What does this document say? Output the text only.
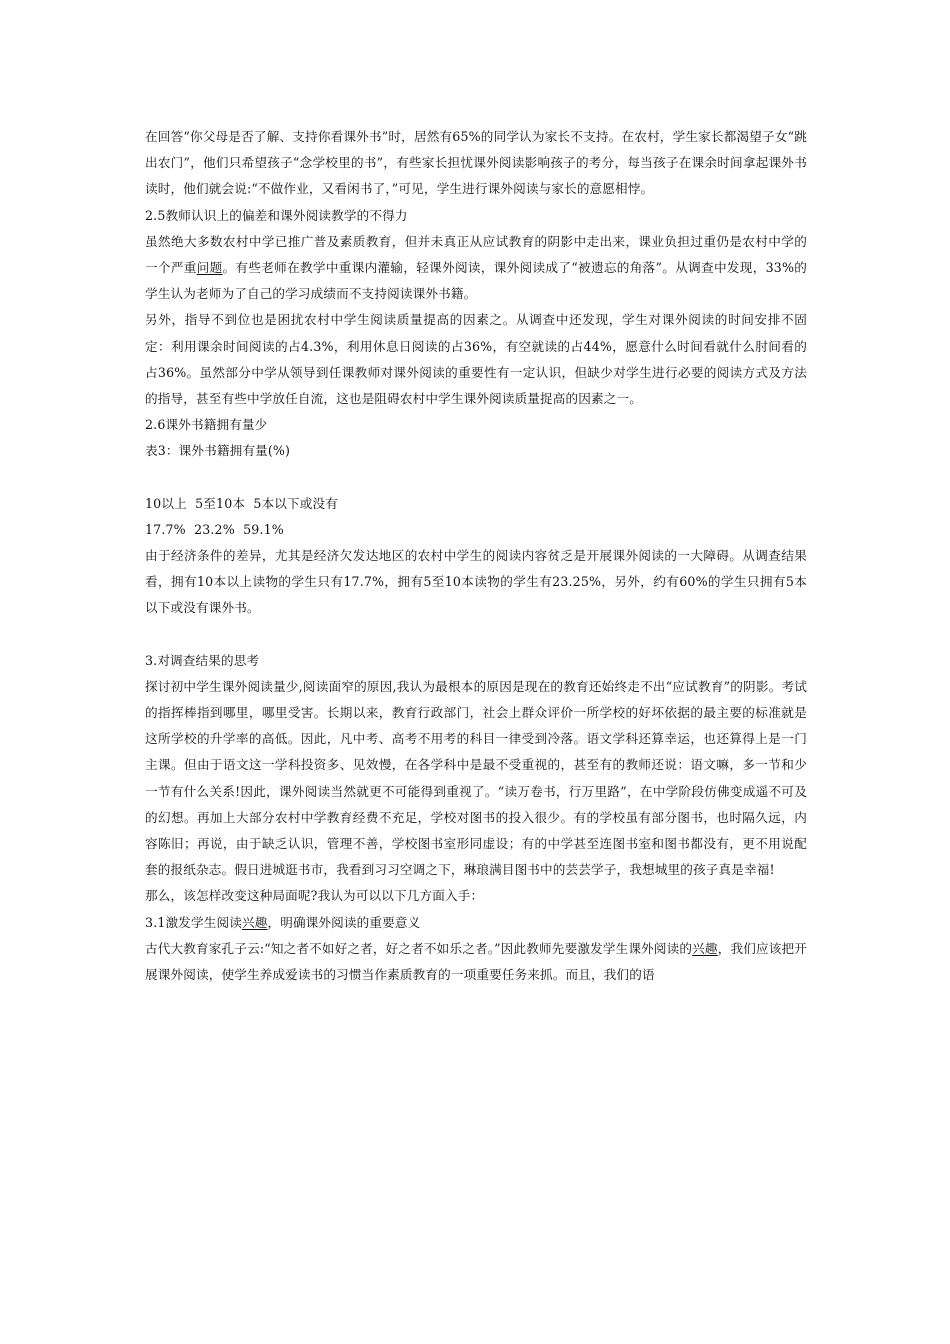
在回答“你父母是否了解、支持你看课外书”时，居然有65%的同学认为家长不支持。在农村，学生家长都渴望子女“跳出农门”，他们只希望孩子“念学校里的书”，有些家长担忧课外阅读影响孩子的考分，每当孩子在课余时间拿起课外书读时，他们就会说:“不做作业，又看闲书了，”可见，学生进行课外阅读与家长的意愿相悖。

2.5教师认识上的偏差和课外阅读教学的不得力

虽然绝大多数农村中学已推广普及素质教育，但并未真正从应试教育的阴影中走出来，课业负担过重仍是农村中学的一个严重问题。有些老师在教学中重课内灌输，轻课外阅读，课外阅读成了“被遗忘的角落”。从调查中发现，33%的学生认为老师为了自己的学习成绩而不支持阅读课外书籍。

另外，指导不到位也是困扰农村中学生阅读质量提高的因素之。从调查中还发现，学生对课外阅读的时间安排不固定：利用课余时间阅读的占4.3%，利用休息日阅读的占36%，有空就读的占44%，愿意什么时间看就什么肘间看的占36%。虽然部分中学从领导到任课教师对课外阅读的重要性有一定认识，但缺少对学生进行必要的阅读方式及方法的指导，甚至有些中学放任自流，这也是阻碍农村中学生课外阅读质量捉高的因素之一。

2.6课外书籍拥有量少

表3：课外书籍拥有量(%)

10以上  5至10本  5本以下或没有

17.7%  23.2%  59.1%

由于经济条件的差异，尤其是经济欠发达地区的农村中学生的阅读内容贫乏是开展课外阅读的一大障碍。从调查结果看，拥有10本以上读物的学生只有17.7%，拥有5至10本读物的学生有23.25%，另外，约有60%的学生只拥有5本以下或没有课外书。

3.对调查结果的思考

探讨初中学生课外阅读量少,阅读面窄的原因,我认为最根本的原因是现在的教育还始终走不出“应试教育”的阴影。考试的指挥棒指到哪里，哪里受害。长期以来，教育行政部门，社会上群众评价一所学校的好坏依据的最主要的标准就是这所学校的升学率的高低。因此，凡中考、高考不用考的科目一律受到冷落。语文学科还算幸运，也还算得上是一门主课。但由于语文这一学科投资多、见效慢，在各学科中是最不受重视的，甚至有的教师还说：语文嘛，多一节和少一节有什么关系!因此，课外阅读当然就更不可能得到重视了。“读万卷书，行万里路”，在中学阶段仿佛变成遥不可及的幻想。再加上大部分农村中学教育经费不充足，学校对图书的投入很少。有的学校虽有部分图书，也时隔久远，内容陈旧；再说，由于缺乏认识，管理不善，学校图书室形同虚设；有的中学甚至连图书室和图书都没有，更不用说配套的报纸杂志。假日进城逛书市，我看到习习空调之下，琳琅满目图书中的芸芸学子，我想城里的孩子真是幸福!

那么，该怎样改变这种局面呢?我认为可以以下几方面入手：

3.1激发学生阅读兴趣，明确课外阅读的重要意义

古代大教育家孔子云:“知之者不如好之者，好之者不如乐之者。”因此教师先要激发学生课外阅读的兴趣，我们应该把开展课外阅读，使学生养成爱读书的习惯当作素质教育的一项重要任务来抓。而且，我们的语
